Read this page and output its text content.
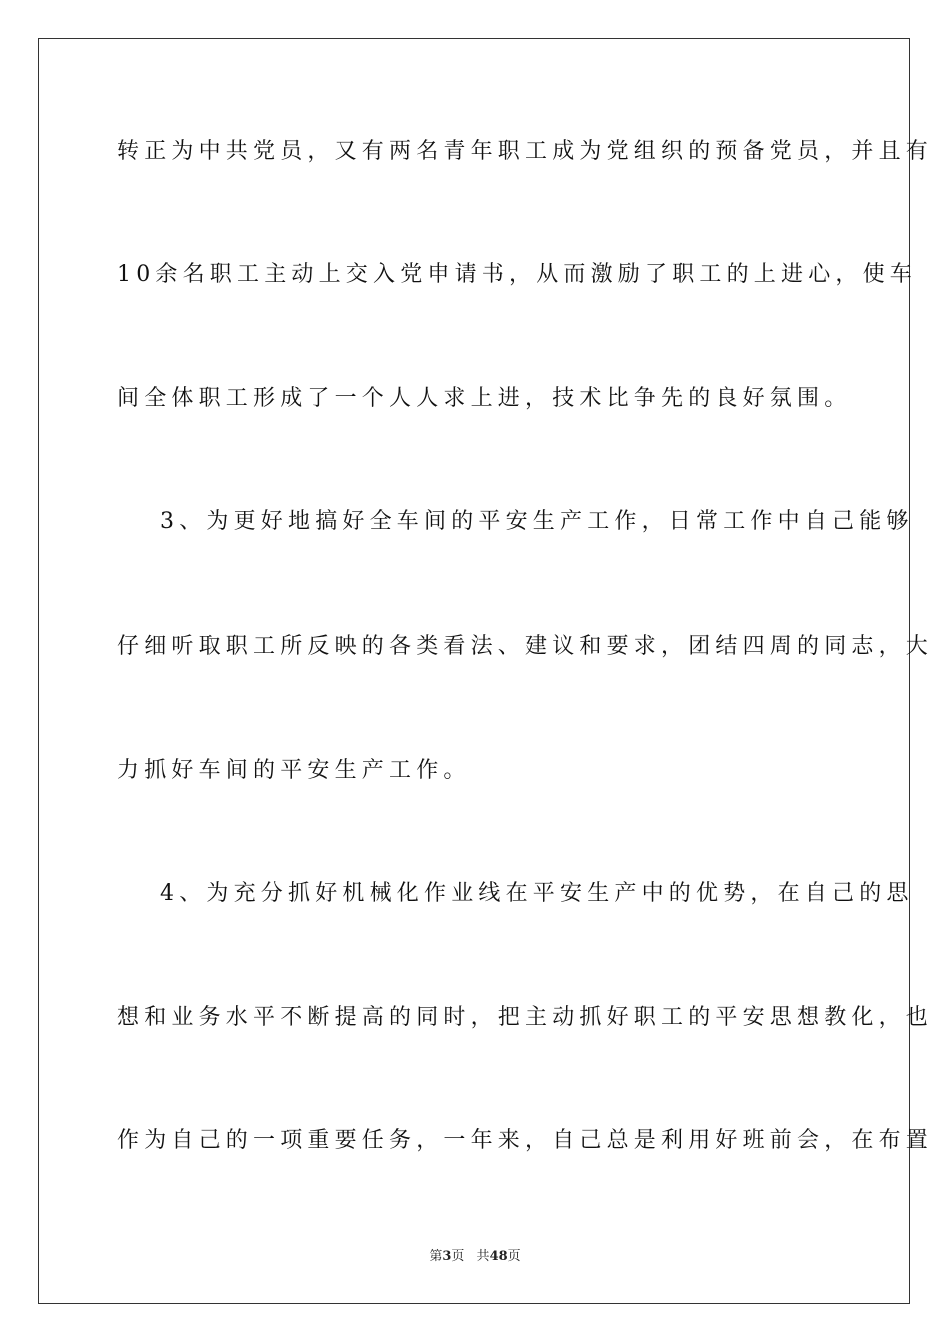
转正为中共党员，又有两名青年职工成为党组织的预备党员，并且有
10余名职工主动上交入党申请书，从而激励了职工的上进心，使车
间全体职工形成了一个人人求上进，技术比争先的良好氛围。
3、为更好地搞好全车间的平安生产工作，日常工作中自己能够
仔细听取职工所反映的各类看法、建议和要求，团结四周的同志，大
力抓好车间的平安生产工作。
4、为充分抓好机械化作业线在平安生产中的优势，在自己的思
想和业务水平不断提高的同时，把主动抓好职工的平安思想教化，也
作为自己的一项重要任务，一年来，自己总是利用好班前会，在布置
第3页 共48页
